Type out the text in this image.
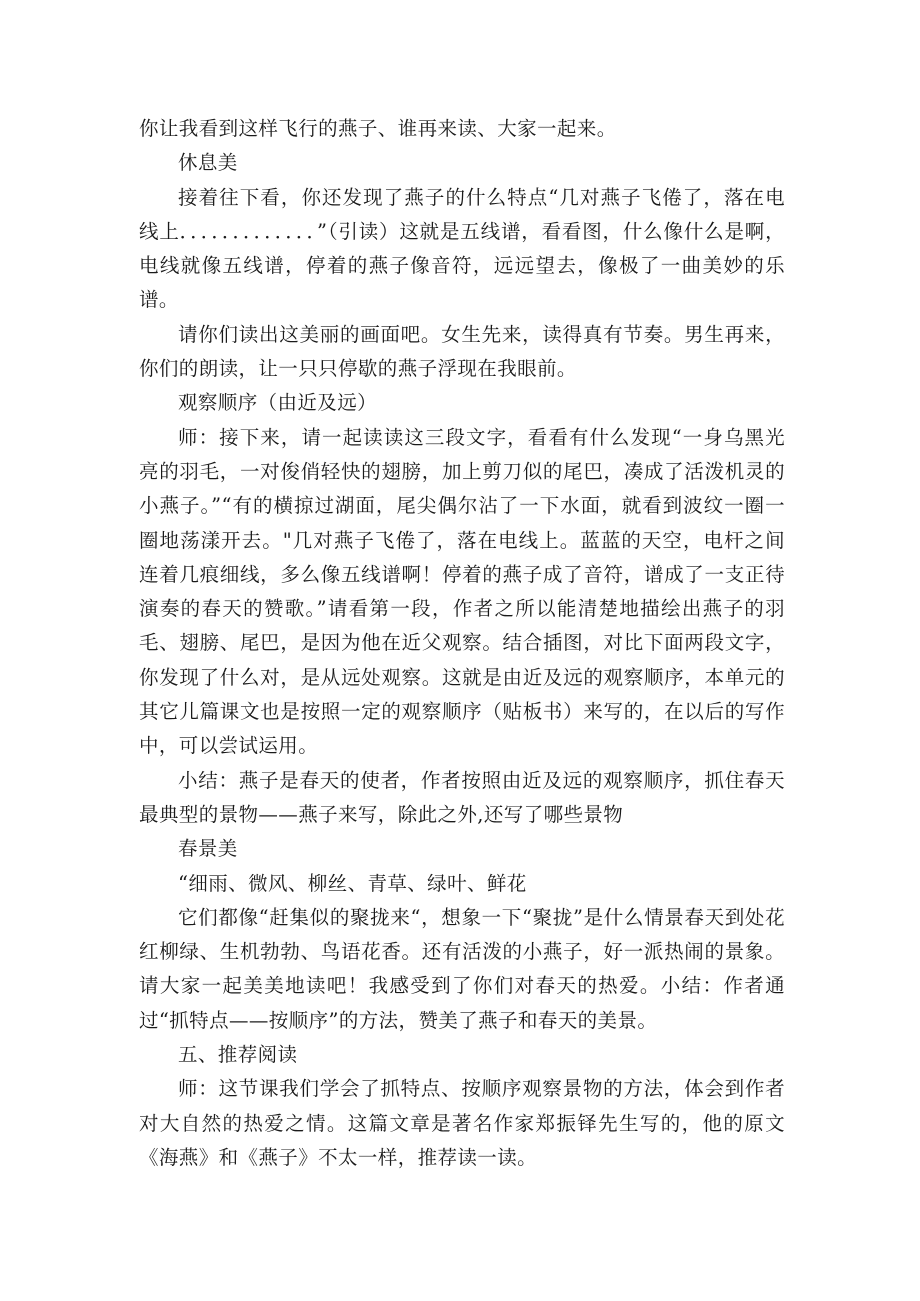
你让我看到这样飞行的燕子、谁再来读、大家一起来。

休息美

接着往下看，你还发现了燕子的什么特点“几对燕子飞倦了，落在电线上．．．．．．．．．．．．．”（引读）这就是五线谱，看看图，什么像什么是啊，电线就像五线谱，停着的燕子像音符，远远望去，像极了一曲美妙的乐谱。

请你们读出这美丽的画面吧。女生先来，读得真有节奏。男生再来，你们的朗读，让一只只停歇的燕子浮现在我眼前。

观察顺序（由近及远）

师：接下来，请一起读读这三段文字，看看有什么发现“一身乌黑光亮的羽毛，一对俊俏轻快的翅膀，加上剪刀似的尾巴，凑成了活泼机灵的小燕子。”“有的横掠过湖面，尾尖偶尔沾了一下水面，就看到波纹一圈一圈地荡漾开去。"几对燕子飞倦了，落在电线上。蓝蓝的天空，电杆之间连着几痕细线，多么像五线谱啊！停着的燕子成了音符，谱成了一支正待演奏的春天的赞歌。”请看第一段，作者之所以能清楚地描绘出燕子的羽毛、翅膀、尾巴，是因为他在近父观察。结合插图，对比下面两段文字，你发现了什么对，是从远处观察。这就是由近及远的观察顺序，本单元的其它儿篇课文也是按照一定的观察顺序（贴板书）来写的，在以后的写作中，可以尝试运用。

小结：燕子是春天的使者，作者按照由近及远的观察顺序，抓住春天最典型的景物——燕子来写，除此之外,还写了哪些景物

春景美

“细雨、微风、柳丝、青草、绿叶、鲜花

它们都像“赶集似的聚拢来“，想象一下“聚拢”是什么情景春天到处花红柳绿、生机勃勃、鸟语花香。还有活泼的小燕子，好一派热闹的景象。请大家一起美美地读吧！我感受到了你们对春天的热爱。小结：作者通过“抓特点——按顺序”的方法，赞美了燕子和春天的美景。

五、推荐阅读

师：这节课我们学会了抓特点、按顺序观察景物的方法，体会到作者对大自然的热爱之情。这篇文章是著名作家郑振铎先生写的，他的原文《海燕》和《燕子》不太一样，推荐读一读。
